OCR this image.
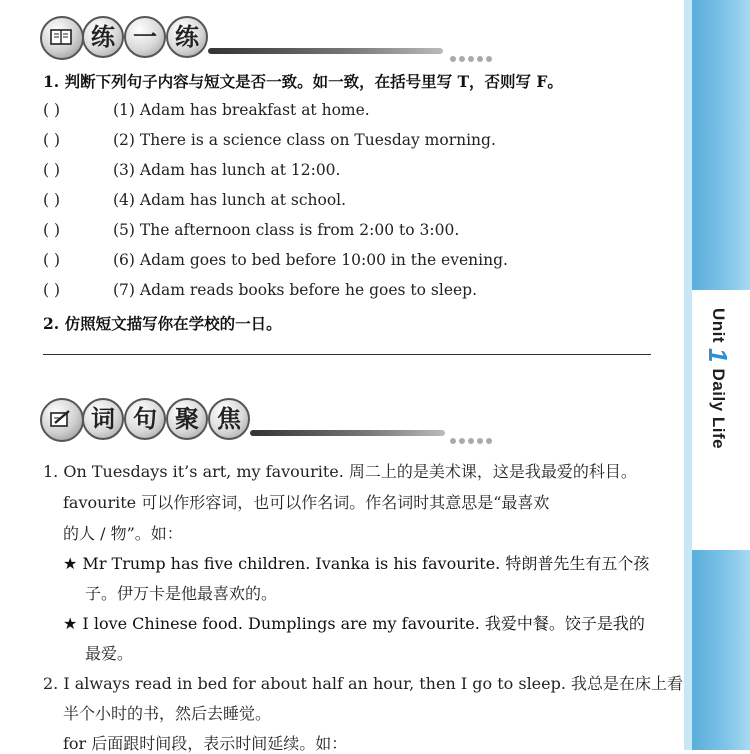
Unit 1 Daily Life
练 一 练
1. 判断下列句子内容与短文是否一致。如一致，在括号里写 T，否则写 F。
( )	(1) Adam has breakfast at home.
( )	(2) There is a science class on Tuesday morning.
( )	(3) Adam has lunch at 12:00.
( )	(4) Adam has lunch at school.
( )	(5) The afternoon class is from 2:00 to 3:00.
( )	(6) Adam goes to bed before 10:00 in the evening.
( )	(7) Adam reads books before he goes to sleep.
2. 仿照短文描写你在学校的一日。
词 句 聚 焦
1. On Tuesdays it’s art, my favourite. 周二上的是美术课，这是我最爱的科目。
favourite 可以作形容词，也可以作名词。作名词时其意思是“最喜欢
的人 / 物”。如：
★ Mr Trump has five children. Ivanka is his favourite. 特朗普先生有五个孩
子。伊万卡是他最喜欢的。
★ I love Chinese food. Dumplings are my favourite. 我爱中餐。饺子是我的
最爱。
2. I always read in bed for about half an hour, then I go to sleep. 我总是在床上看
半个小时的书，然后去睡觉。
for 后面跟时间段，表示时间延续。如：
